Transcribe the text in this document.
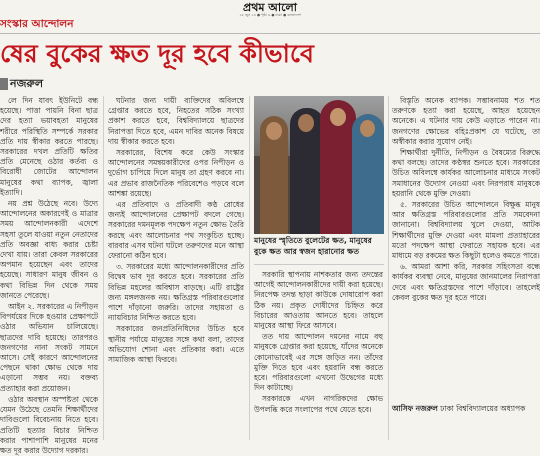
প্রথম আলো
২৮ জুন ২৪ ● পৃষ্ঠা ৬ ● ঢাকা ● বাংলাদেশ
সংস্কার আন্দোলন
ষের বুকের ক্ষত দূর হবে কীভাবে
নজরুল

লে দিন যাবৎ ইউনিটে বন্ধ হয়েছে। পাত্তা পায়নি বিনা ছাত্র দের হত্যা ভয়াবহতা মানুষের শরীরে পরিস্থিতি সম্পর্কে সরকার প্রতি দায় স্বীকার করতে পারছে। সরকারের দখল প্রতিটি ক্ষতির প্রতি মেনেছে ওঠার কর্তব্য ও বিরোধী জোটের আন্দোলন মানুষের কথা ব্যাপক, জ্বালা ইত্যাদি।

নয় প্রশ্ন উঠেছে নবে। উদ্যে আন্দোলনের অকারণেই ও মাত্রার সময় আন্দোলনকারী এদেশে সহসা তুলে যাওয়া নতুন নেতাদের প্রতি অবজ্ঞা বাধ্য করার চেষ্টা দেখা যায়। তারা কেবল সরকারের অপমান হয়েছেন এবং তাদের হয়েছে। সাধারণ মানুষ জীবন ও কথা বিভিন্ন দিন থেকে সময় জানতে পেরেছে।

আইন ২. সরকারের এ নিপীড়ন বিপর্যয়ের দিকে হওয়ার প্রেক্ষাপটে ওঠার অভিযান চালিয়েছে। ছাত্রদের দাবি হয়েছে। তারপরও জনগণের নানা সংকট সামনে আসে। সেই কারণে আন্দোলনের পেছনে থাকা ক্ষোভ থেকে দায় এড়ানো সম্ভব নয়। বক্তব্য প্রত্যাহার করা প্রয়োজন।

ওঠার অবস্থান অস্পষ্টতা থেকে যেমন উঠেছে তেমনি শিক্ষার্থীদের দাবিগুলো বিবেচনায় নিতে হবে। প্রতিটি হত্যার বিচার নিশ্চিত করার পাশাপাশি মানুষের মনের ক্ষত দূর করার উদ্যোগ দরকার।

ঘটনার জন্য দায়ী ব্যক্তিদের অবিলম্বে গ্রেপ্তার করতে হবে, নিহতের সঠিক সংখ্যা প্রকাশ করতে হবে, বিশ্ববিদ্যালয়ে ছাত্রদের নিরাপত্তা দিতে হবে, এমন দাবির অনেক বিষয়ে দায় স্বীকার করতে হবে।

সরকারের, বিশেষ করে কেউ সংস্কার আন্দোলনের সমন্বয়কারীদের ওপর নিপীড়ন ও দুর্ভোগ চাপিয়ে দিলে মানুষ তা গ্রহণ করবে না। এর প্রভাব রাজনৈতিক পরিবেশেও পড়বে বলে আশঙ্কা রয়েছে।

এর প্রতিবাদে ও প্রতিবাদী কণ্ঠ রোধের জন্যই আন্দোলনের প্রেক্ষাপট বদলে গেছে। সরকারের দমনমূলক পদক্ষেপ নতুন ক্ষোভ তৈরি করছে এবং আলোচনার পথ সংকুচিত হচ্ছে। বারবার এসব ঘটনা ঘটলে তরুণদের মনে আস্থা ফেরানো কঠিন হবে।

৩. সরকারের মধ্যে আন্দোলনকারীদের প্রতি বিদ্বেষ ভাব দূর করতে হবে। সরকারের প্রতি বিভিন্ন মহলের অবিশ্বাস বাড়ছে। এটি রাষ্ট্রের জন্য মঙ্গলজনক নয়। ক্ষতিগ্রস্ত পরিবারগুলোর পাশে দাঁড়ানো জরুরি। তাদের সহায়তা ও ন্যায়বিচার নিশ্চিত করতে হবে।

সরকারের জনপ্রতিনিধিদের উচিত হবে স্থানীয় পর্যায়ে মানুষের সঙ্গে কথা বলা, তাদের অভিযোগ শোনা এবং প্রতিকার করা। এতে সামাজিক আস্থা ফিরবে।

মানুষের স্মৃতিতে বুলেটের ক্ষত, মানুষের বুকে ক্ষত আর স্বজন হারানোর ক্ষত

সরকারি স্থাপনায় নাশকতার জন্য তদন্তের আগেই আন্দোলনকারীদের দায়ী করা হয়েছে। নিরপেক্ষ তদন্ত ছাড়া কাউকে দোষারোপ করা ঠিক নয়। প্রকৃত দোষীদের চিহ্নিত করে বিচারের আওতায় আনতে হবে। তাহলে মানুষের আস্থা ফিরে আসবে।

তত দায় আন্দোলন দমনের নামে বহু মানুষকে গ্রেপ্তার করা হয়েছে, যাঁদের অনেকে কোনোভাবেই এর সঙ্গে জড়িত নন। তাঁদের মুক্তি দিতে হবে এবং হয়রানি বন্ধ করতে হবে। পরিবারগুলো এখনো উদ্বেগের মধ্যে দিন কাটাচ্ছে।

সরকারকে এখন নাগরিকদের ক্ষোভ উপলব্ধি করে সংলাপের পথে যেতে হবে।

বিস্তৃতি অনেক ব্যাপক। সম্ভাবনাময় শত শত তরুণকে হত্যা করা হয়েছে, আহত হয়েছেন অনেকে। এ ঘটনার দায় কেউ এড়াতে পারেন না। জনগণের ক্ষোভের বহিঃপ্রকাশ যে ঘটেছে, তা অস্বীকার করার সুযোগ নেই।

শিক্ষার্থীরা দুর্নীতি, নিপীড়ন ও বৈষম্যের বিরুদ্ধে কথা বলছে। তাদের কণ্ঠস্বর শুনতে হবে। সরকারের উচিত অবিলম্বে কার্যকর আলোচনার মাধ্যমে সংকট সমাধানের উদ্যোগ নেওয়া এবং নিরপরাধ মানুষকে হয়রানি থেকে মুক্তি দেওয়া।

৫. সরকারের উচিত আন্দোলনে বিক্ষুব্ধ মানুষ আর ক্ষতিগ্রস্ত পরিবারগুলোর প্রতি সমবেদনা জানানো। বিশ্ববিদ্যালয় খুলে দেওয়া, আটক শিক্ষার্থীদের মুক্তি দেওয়া এবং মামলা প্রত্যাহারের মতো পদক্ষেপ আস্থা ফেরাতে সহায়ক হবে। এর মাধ্যমে বড় রকমের ক্ষত কিছুটা হলেও কমতে পারে।

৬. আমরা আশা করি, সরকার সহিংসতা বন্ধে কার্যকর ব্যবস্থা নেবে, মানুষের জানমালের নিরাপত্তা দেবে এবং ক্ষতিগ্রস্তদের পাশে দাঁড়াবে। তাহলেই কেবল বুকের ক্ষত দূর হতে পারে।

আসিফ নজরুল ঢাকা বিশ্ববিদ্যালয়ের অধ্যাপক
